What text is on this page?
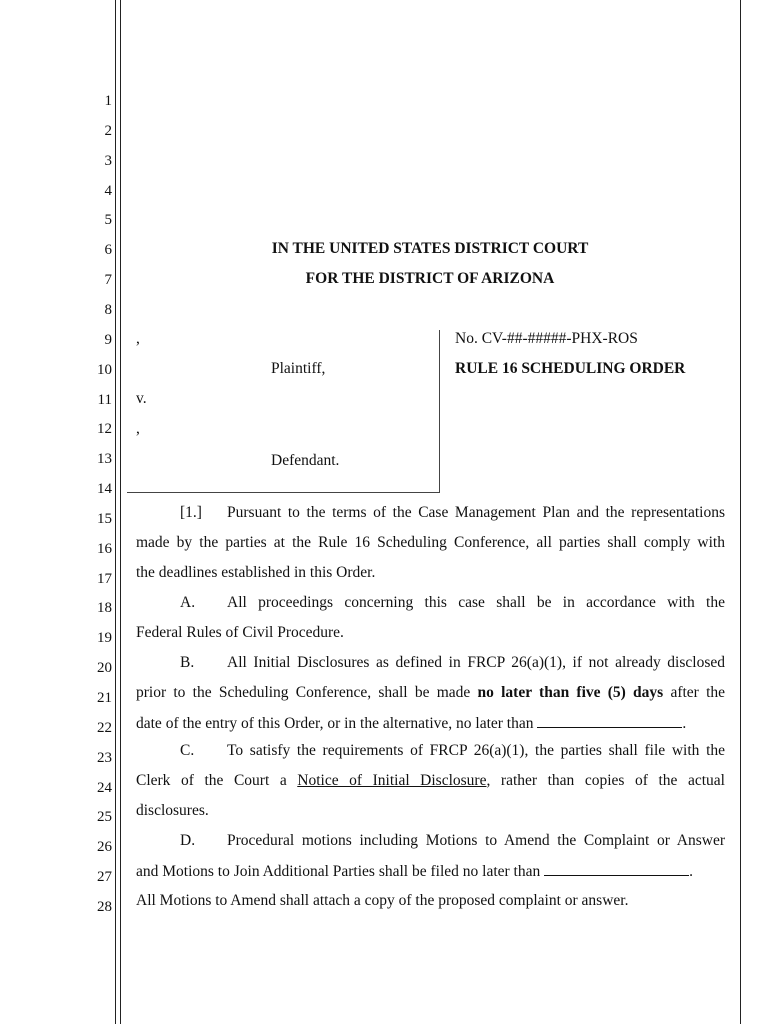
1
2
3
4
5
6
7
8
9
10
11
12
13
14
15
16
17
18
19
20
21
22
23
24
25
26
27
28
IN THE UNITED STATES DISTRICT COURT
FOR THE DISTRICT OF ARIZONA
,
Plaintiff,
v.
,
Defendant.
No. CV-##-#####-PHX-ROS
RULE 16 SCHEDULING ORDER
[1.] Pursuant to the terms of the Case Management Plan and the representations
made by the parties at the Rule 16 Scheduling Conference, all parties shall comply with
the deadlines established in this Order.
A. All proceedings concerning this case shall be in accordance with the
Federal Rules of Civil Procedure.
B. All Initial Disclosures as defined in FRCP 26(a)(1), if not already disclosed
prior to the Scheduling Conference, shall be made no later than five (5) days after the
date of the entry of this Order, or in the alternative, no later than	.
C. To satisfy the requirements of FRCP 26(a)(1), the parties shall file with the
Clerk of the Court a Notice of Initial Disclosure, rather than copies of the actual
disclosures.
D. Procedural motions including Motions to Amend the Complaint or Answer
and Motions to Join Additional Parties shall be filed no later than	.
All Motions to Amend shall attach a copy of the proposed complaint or answer.
